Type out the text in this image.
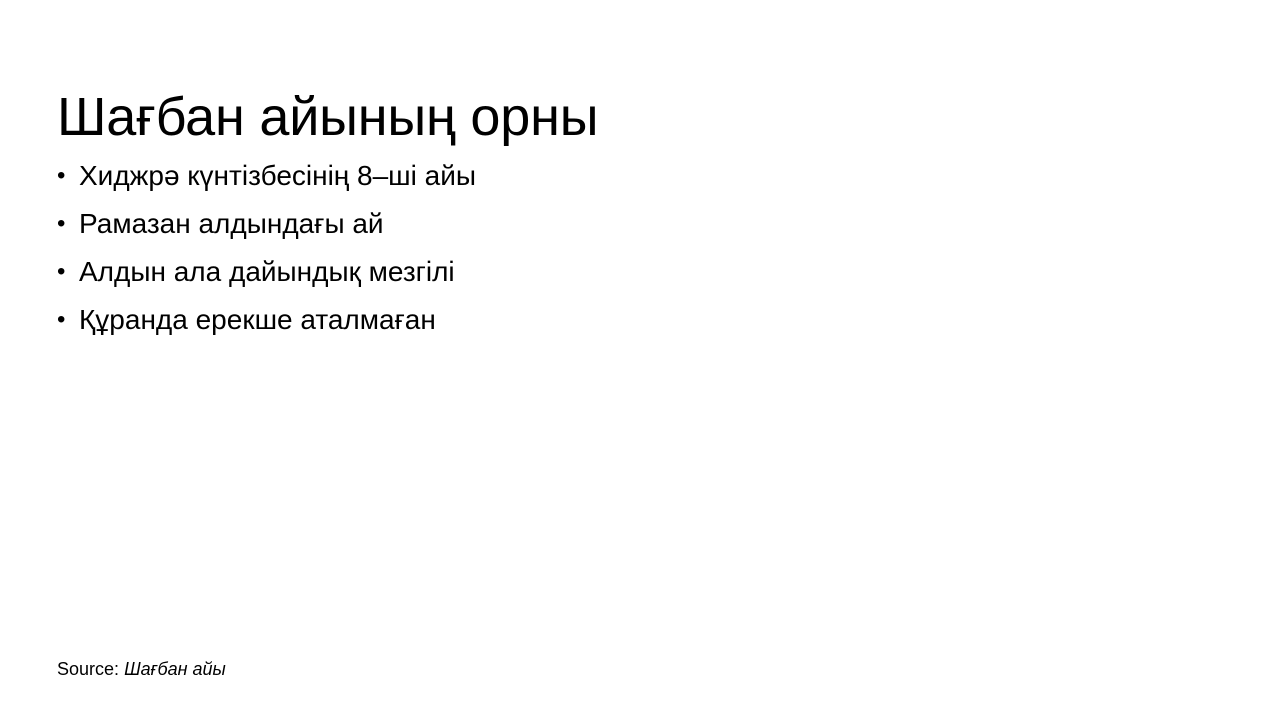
Шағбан айының орны
• Хиджрә күнтізбесінің 8–ші айы
• Рамазан алдындағы ай
• Алдын ала дайындық мезгілі
• Құранда ерекше аталмаған
Source: Шағбан айы
